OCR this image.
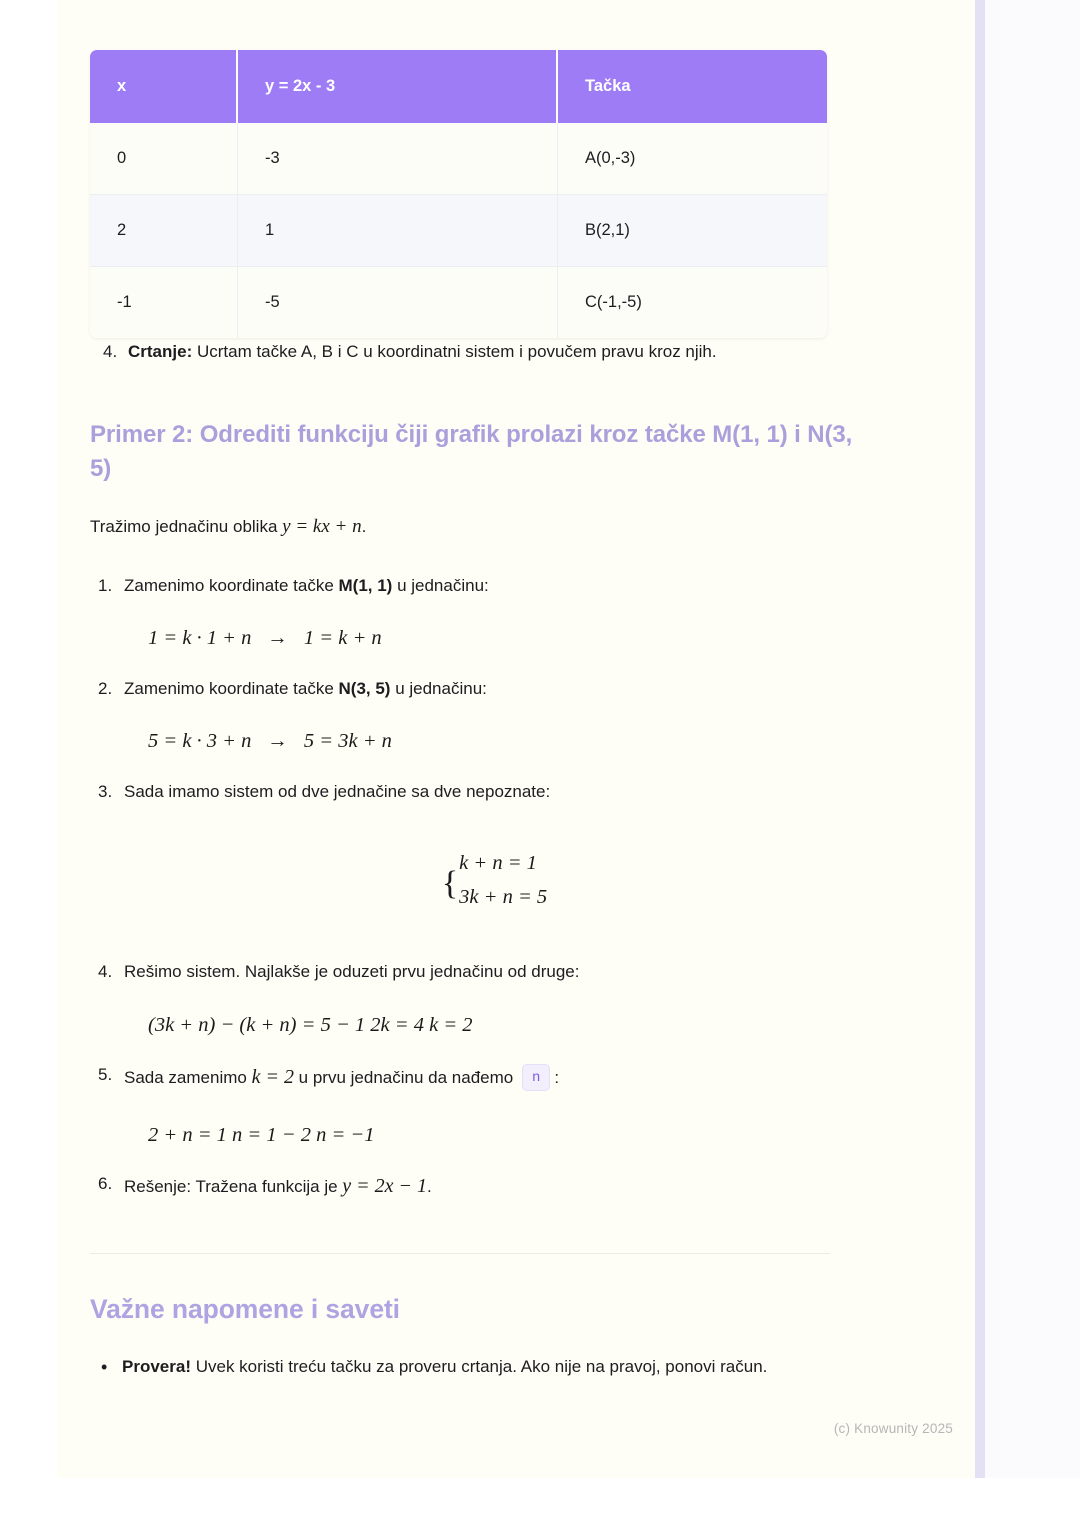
x	y = 2x - 3	Tačka
0	-3	A(0,-3)
2	1	B(2,1)
-1	-5	C(-1,-5)
Crtanje: Ucrtam tačke A, B i C u koordinatni sistem i povučem pravu kroz njih.
Primer 2: Odrediti funkciju čiji grafik prolazi kroz tačke M(1, 1) i N(3, 5)

Tražimo jednačinu oblika y = kx + n.

Zamenimo koordinate tačke M(1, 1) u jednačinu:
1 = k · 1 + n → 1 = k + n
Zamenimo koordinate tačke N(3, 5) u jednačinu:
5 = k · 3 + n → 5 = 3k + n
Sada imamo sistem od dve jednačine sa dve nepoznate:
{
k + n = 1
3k + n = 5
Rešimo sistem. Najlakše je oduzeti prvu jednačinu od druge:
(3k + n) − (k + n) = 5 − 1 2k = 4 k = 2
Sada zamenimo k = 2 u prvu jednačinu da nađemo n :
2 + n = 1 n = 1 − 2 n = −1
Rešenje: Tražena funkcija je y = 2x − 1.
Važne napomene i saveti
• Provera! Uvek koristi treću tačku za proveru crtanja. Ako nije na pravoj, ponovi račun.
(c) Knowunity 2025
